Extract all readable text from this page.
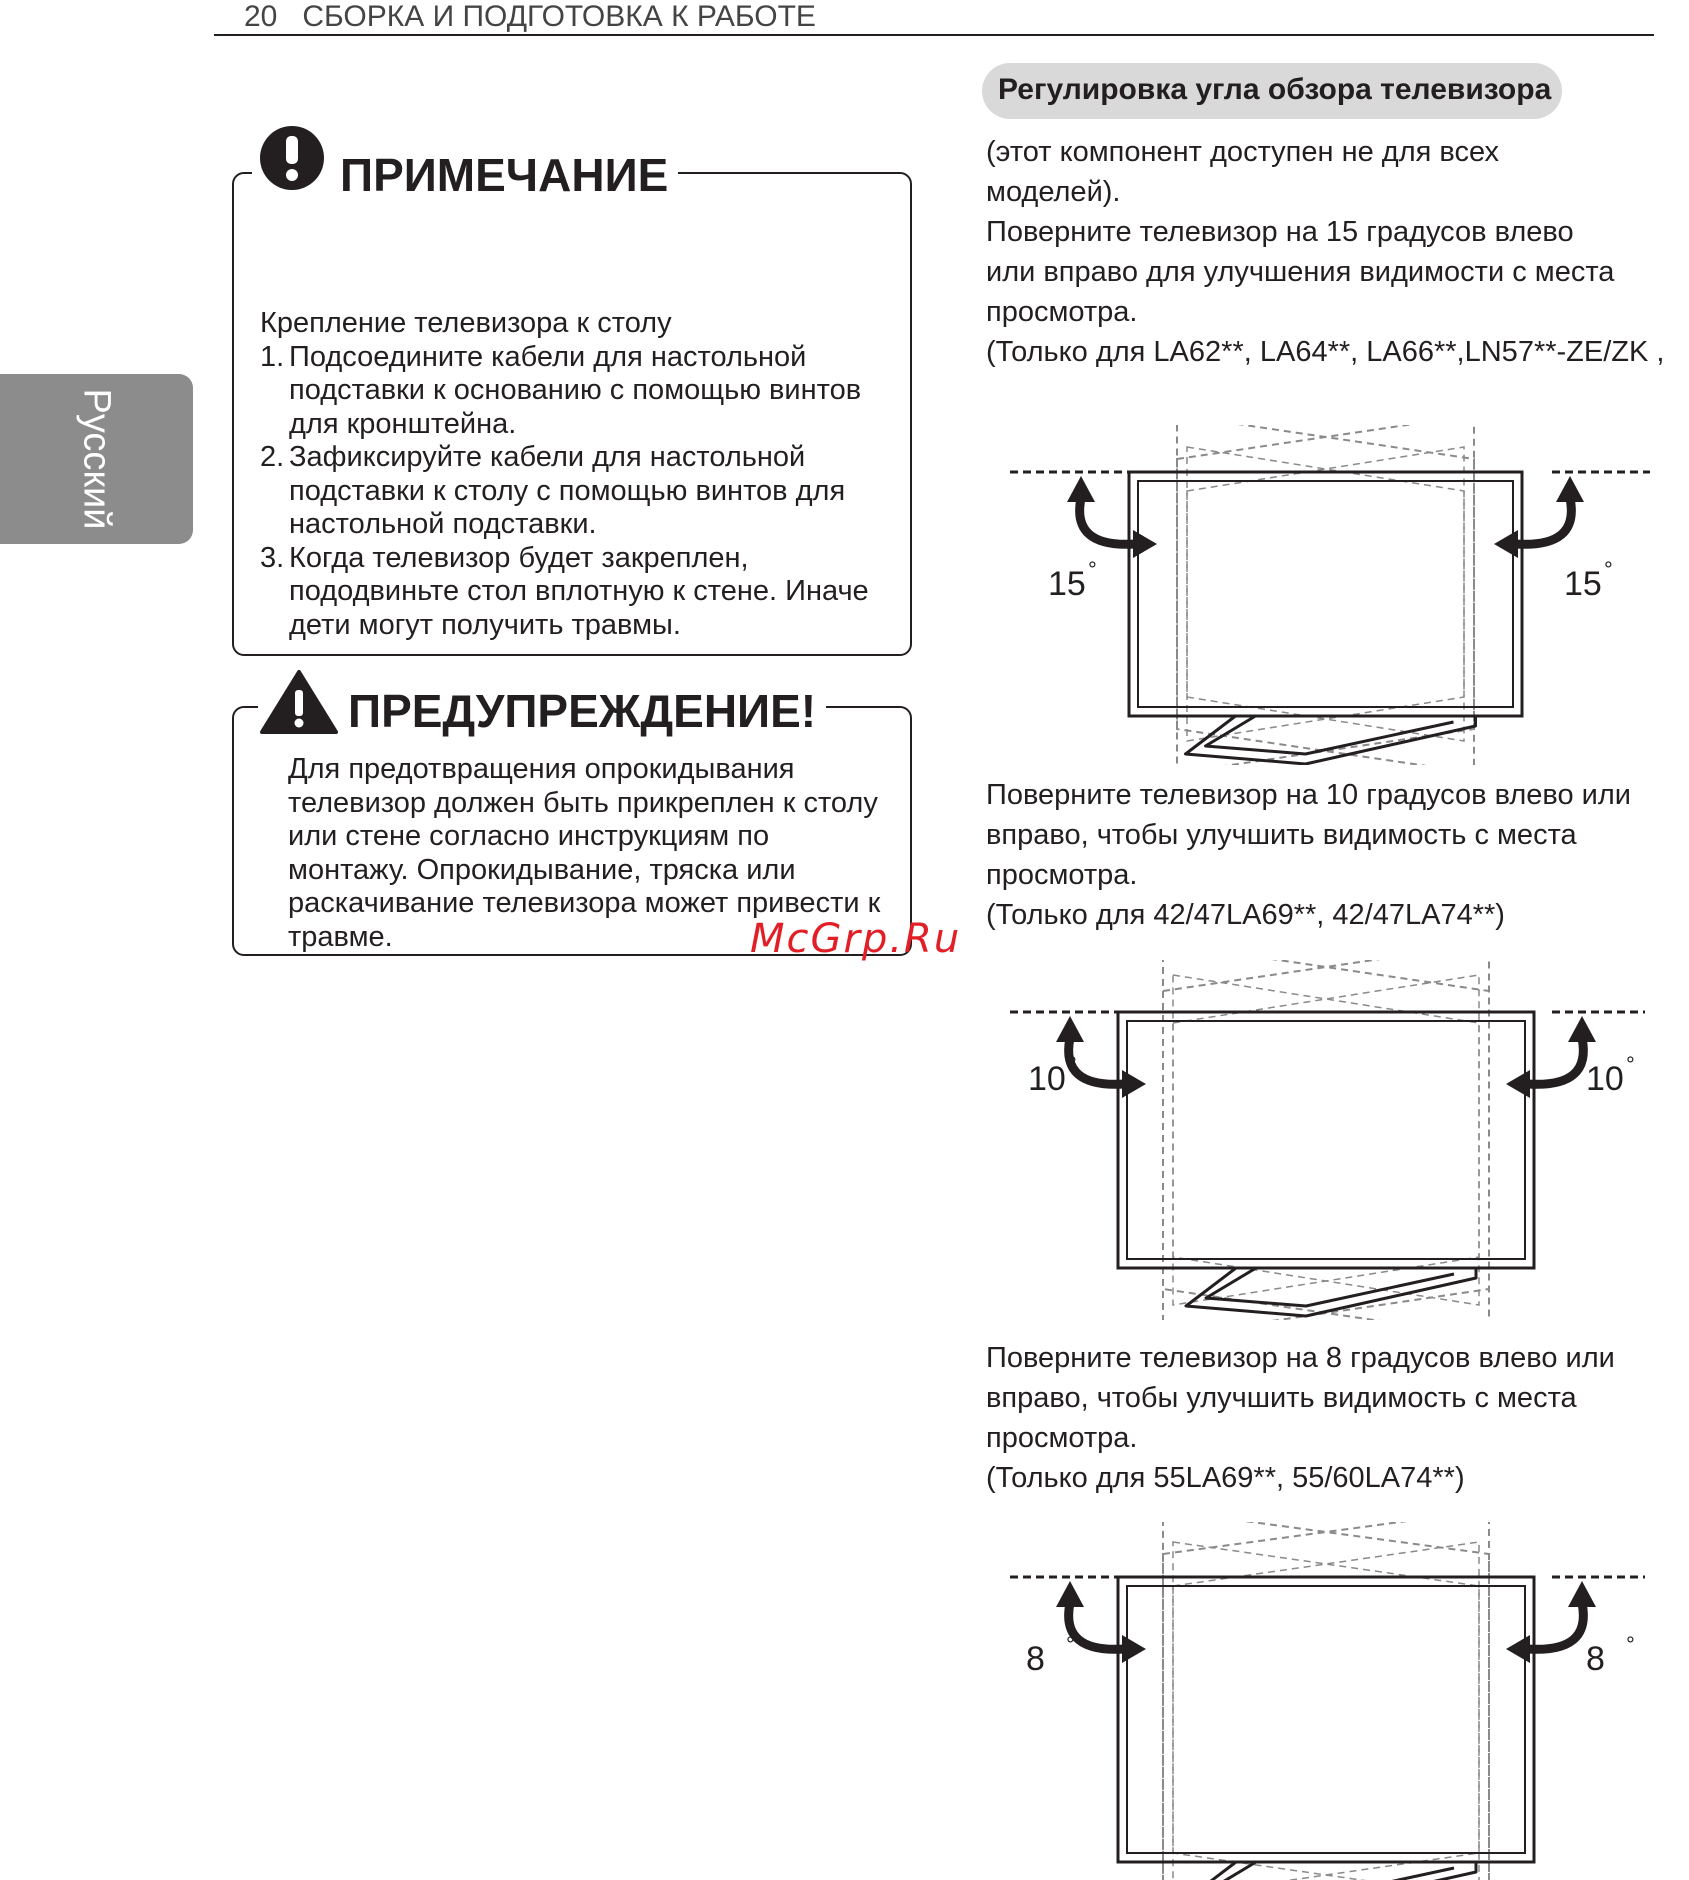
20 СБОРКА И ПОДГОТОВКА К РАБОТЕ
Русский
ПРИМЕЧАНИЕ
Крепление телевизора к столу
1. Подсоедините кабели для настольной подставки к основанию с помощью винтов для кронштейна.
2. Зафиксируйте кабели для настольной подставки к столу с помощью винтов для настольной подставки.
3. Когда телевизор будет закреплен, пододвиньте стол вплотную к стене. Иначе дети могут получить травмы.
ПРЕДУПРЕЖДЕНИЕ!
Для предотвращения опрокидывания телевизор должен быть прикреплен к столу или стене согласно инструкциям по монтажу. Опрокидывание, тряска или раскачивание телевизора может привести к травме.	McGrp.Ru
Регулировка угла обзора телевизора

(этот компонент доступен не для всех

моделей).

Поверните телевизор на 15 градусов влево

или вправо для улучшения видимости с места

просмотра.

(Только для LA62**, LA64**, LA66**,LN57**-ZE/ZK ,

Поверните телевизор на 10 градусов влево или

вправо, чтобы улучшить видимость с места

просмотра.

(Только для 42/47LA69**, 42/47LA74**)

Поверните телевизор на 8 градусов влево или

вправо, чтобы улучшить видимость с места

просмотра.

(Только для 55LA69**, 55/60LA74**)

15 °	15 °
10 °	10 °
8 °	8 °
